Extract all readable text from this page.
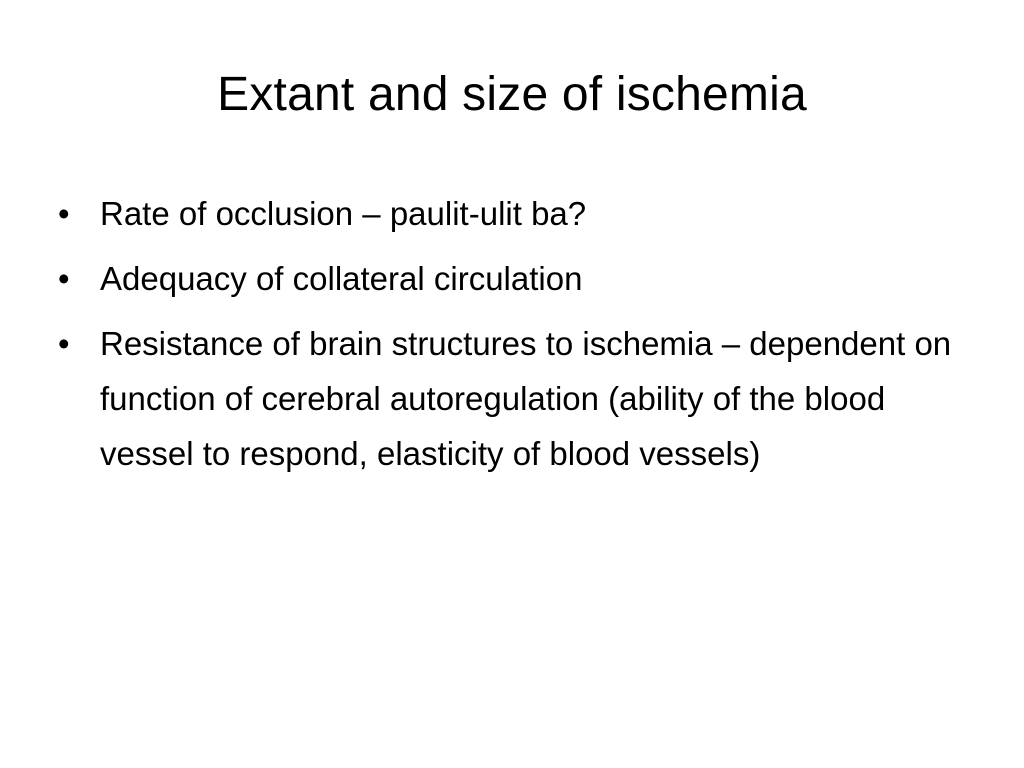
Extant and size of ischemia
• Rate of occlusion – paulit-ulit ba?
• Adequacy of collateral circulation
• Resistance of brain structures to ischemia – dependent on function of cerebral autoregulation (ability of the blood vessel to respond, elasticity of blood vessels)
